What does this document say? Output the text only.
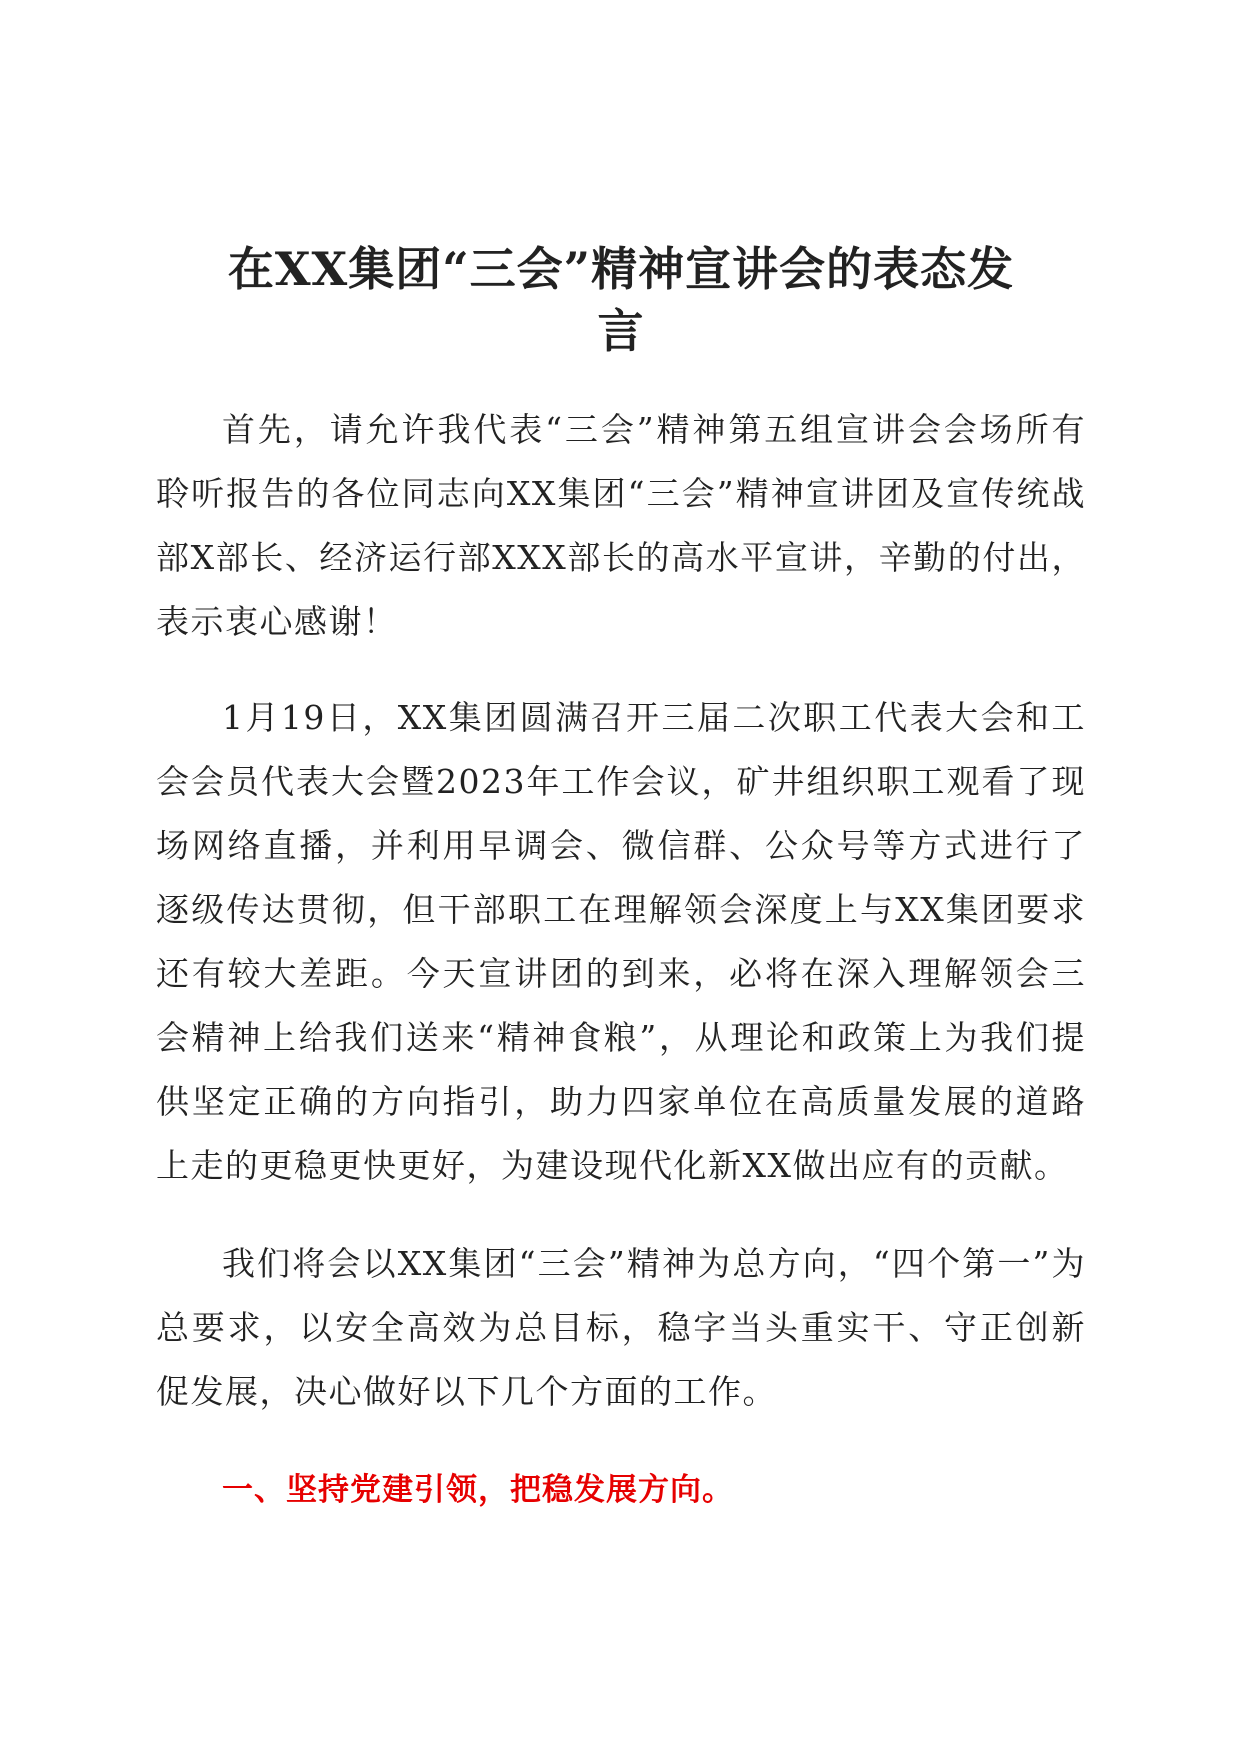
在XX集团“三会”精神宣讲会的表态发
言

首先，请允许我代表“三会”精神第五组宣讲会会场所有聆听报告的各位同志向XX集团“三会”精神宣讲团及宣传统战部X部长、经济运行部XXX部长的高水平宣讲，辛勤的付出，表示衷心感谢！

1月19日，XX集团圆满召开三届二次职工代表大会和工会会员代表大会暨2023年工作会议，矿井组织职工观看了现场网络直播，并利用早调会、微信群、公众号等方式进行了逐级传达贯彻，但干部职工在理解领会深度上与XX集团要求还有较大差距。今天宣讲团的到来，必将在深入理解领会三会精神上给我们送来“精神食粮”，从理论和政策上为我们提供坚定正确的方向指引，助力四家单位在高质量发展的道路上走的更稳更快更好，为建设现代化新XX做出应有的贡献。

我们将会以XX集团“三会”精神为总方向，“四个第一”为总要求，以安全高效为总目标，稳字当头重实干、守正创新促发展，决心做好以下几个方面的工作。

一、坚持党建引领，把稳发展方向。
